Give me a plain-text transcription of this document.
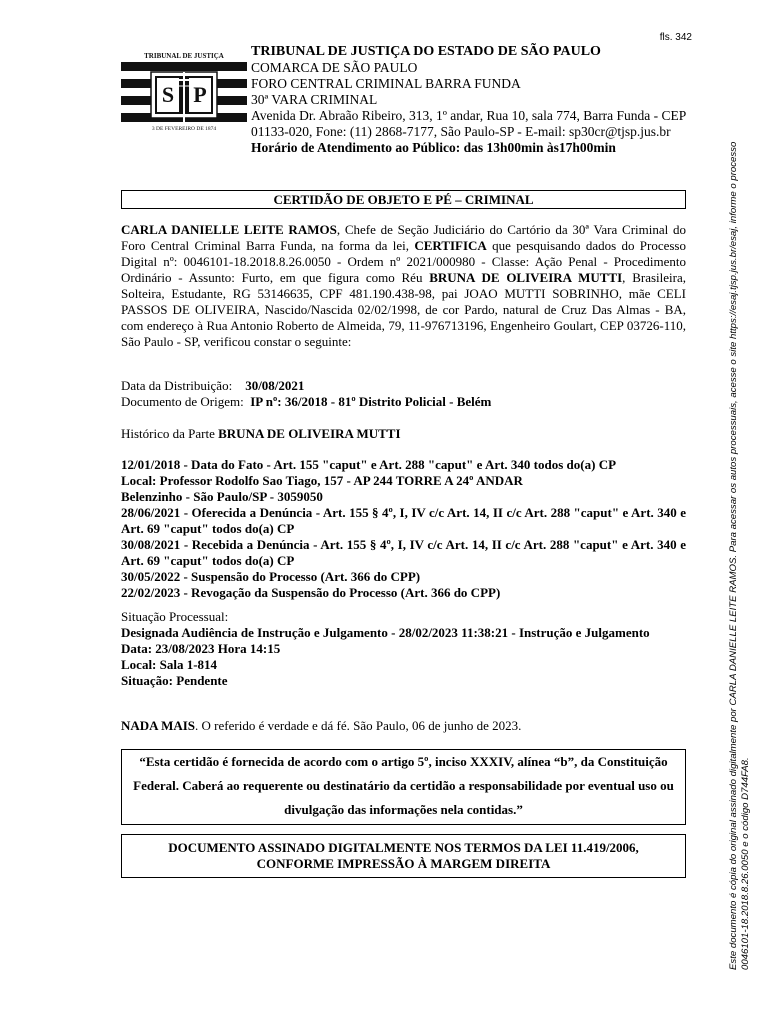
fls. 342
S P
TRIBUNAL DE JUSTIÇA
3 DE FEVEREIRO DE 1874
TRIBUNAL DE JUSTIÇA DO ESTADO DE SÃO PAULO
COMARCA DE SÃO PAULO
FORO CENTRAL CRIMINAL BARRA FUNDA
30ª VARA CRIMINAL
Avenida Dr. Abraão Ribeiro, 313, 1º andar, Rua 10, sala 774, Barra Funda - CEP 01133-020, Fone: (11) 2868-7177, São Paulo-SP - E-mail: sp30cr@tjsp.jus.br
Horário de Atendimento ao Público: das 13h00min às17h00min
CERTIDÃO DE OBJETO E PÉ – CRIMINAL
CARLA DANIELLE LEITE RAMOS, Chefe de Seção Judiciário do Cartório da 30ª Vara Criminal do Foro Central Criminal Barra Funda, na forma da lei, CERTIFICA que pesquisando dados do Processo Digital nº: 0046101-18.2018.8.26.0050 - Ordem nº 2021/000980 - Classe: Ação Penal - Procedimento Ordinário - Assunto: Furto, em que figura como Réu BRUNA DE OLIVEIRA MUTTI, Brasileira, Solteira, Estudante, RG 53146635, CPF 481.190.438-98, pai JOAO MUTTI SOBRINHO, mãe CELI PASSOS DE OLIVEIRA, Nascido/Nascida 02/02/1998, de cor Pardo, natural de Cruz Das Almas - BA, com endereço à Rua Antonio Roberto de Almeida, 79, 11-976713196, Engenheiro Goulart, CEP 03726-110, São Paulo - SP, verificou constar o seguinte:
Data da Distribuição: 30/08/2021
Documento de Origem: IP nº: 36/2018 - 81º Distrito Policial - Belém
Histórico da Parte BRUNA DE OLIVEIRA MUTTI
12/01/2018 - Data do Fato - Art. 155 "caput" e Art. 288 "caput" e Art. 340 todos do(a) CP
Local: Professor Rodolfo Sao Tiago, 157 - AP 244 TORRE A 24º ANDAR
Belenzinho - São Paulo/SP - 3059050
28/06/2021 - Oferecida a Denúncia - Art. 155 § 4º, I, IV c/c Art. 14, II c/c Art. 288 "caput" e Art. 340 e Art. 69 "caput" todos do(a) CP
30/08/2021 - Recebida a Denúncia - Art. 155 § 4º, I, IV c/c Art. 14, II c/c Art. 288 "caput" e Art. 340 e Art. 69 "caput" todos do(a) CP
30/05/2022 - Suspensão do Processo (Art. 366 do CPP)
22/02/2023 - Revogação da Suspensão do Processo (Art. 366 do CPP)
Situação Processual:
Designada Audiência de Instrução e Julgamento - 28/02/2023 11:38:21 - Instrução e Julgamento
Data: 23/08/2023 Hora 14:15
Local: Sala 1-814
Situação: Pendente
NADA MAIS. O referido é verdade e dá fé. São Paulo, 06 de junho de 2023.
“Esta certidão é fornecida de acordo com o artigo 5º, inciso XXXIV, alínea “b”, da Constituição Federal. Caberá ao requerente ou destinatário da certidão a responsabilidade por eventual uso ou divulgação das informações nela contidas.”
DOCUMENTO ASSINADO DIGITALMENTE NOS TERMOS DA LEI 11.419/2006,
CONFORME IMPRESSÃO À MARGEM DIREITA	Este documento é cópia do original assinado digitalmente por CARLA DANIELLE LEITE RAMOS. Para acessar os autos processuais, acesse o site https://esaj.tjsp.jus.br/esaj, informe o processo 0046101-18.2018.8.26.0050 e o código D744FA8.
